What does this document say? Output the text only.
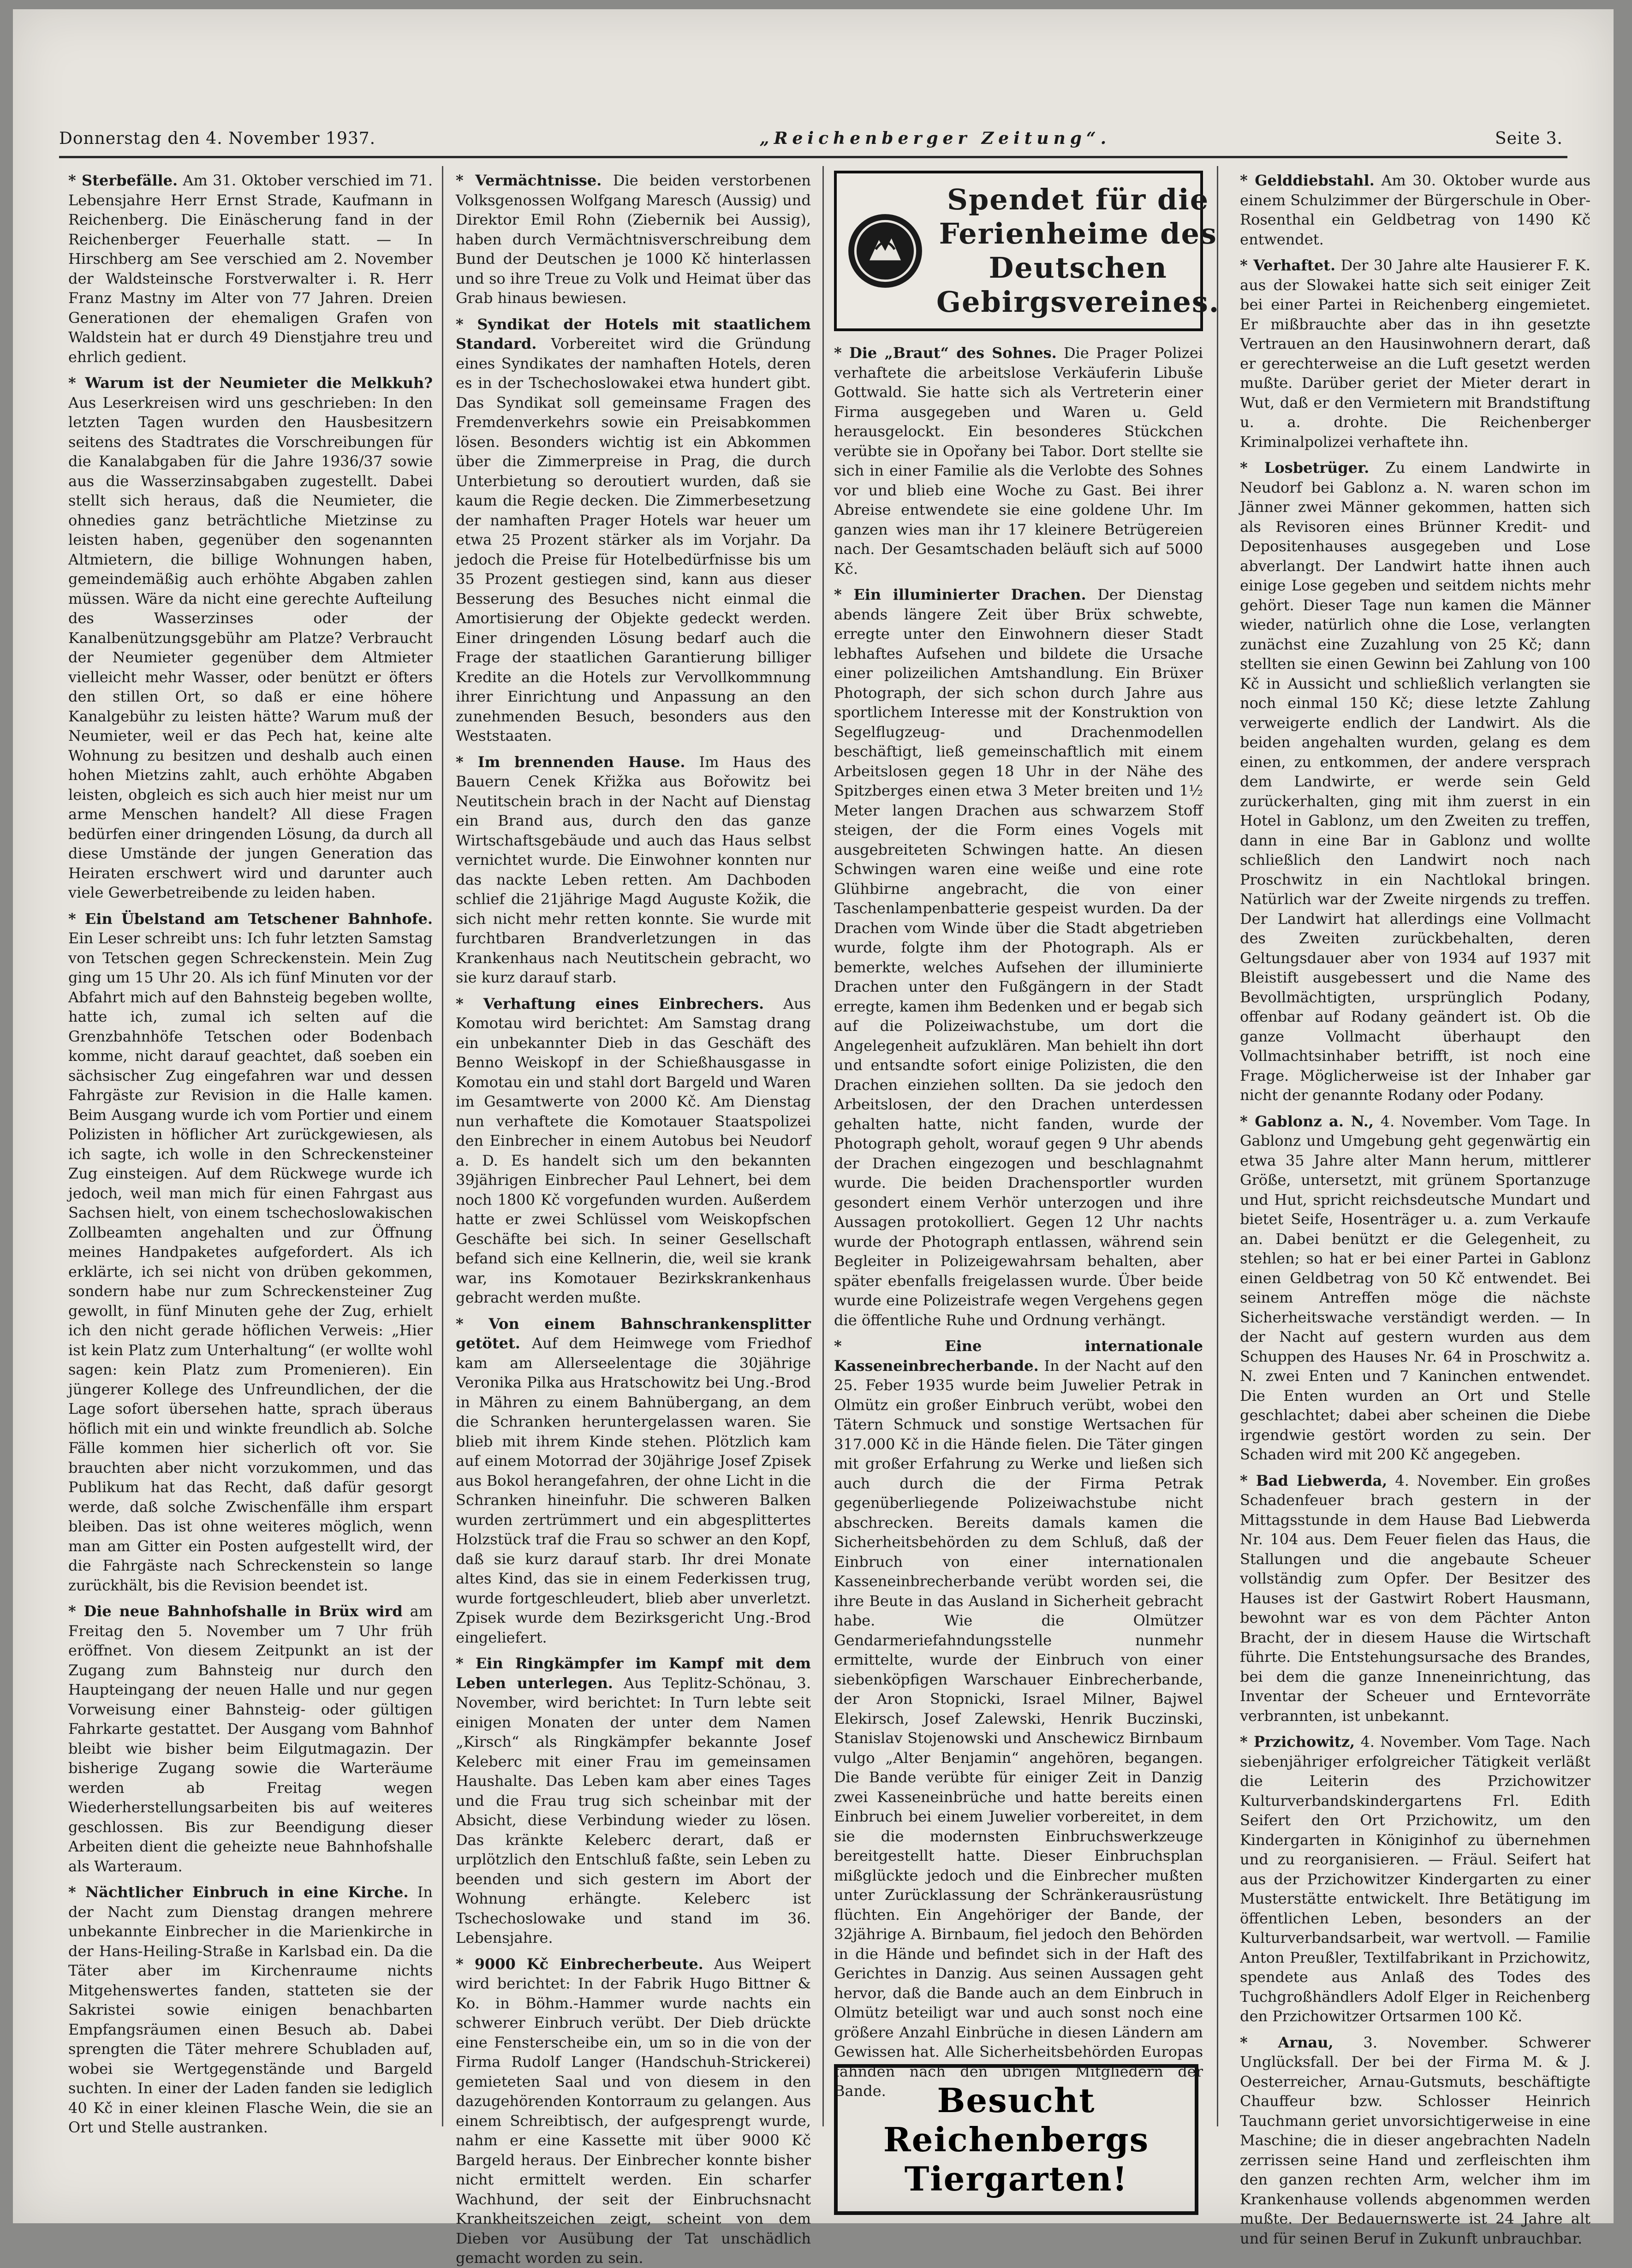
Donnerstag den 4. November 1937.	„Reichenberger Zeitung“.	Seite 3.

* Sterbefälle. Am 31. Oktober verschied im 71. Lebensjahre Herr Ernst Strade, Kaufmann in Reichenberg. Die Einäscherung fand in der Reichenberger Feuerhalle statt. — In Hirschberg am See verschied am 2. November der Waldsteinsche Forstverwalter i. R. Herr Franz Mastny im Alter von 77 Jahren. Dreien Generationen der ehemaligen Grafen von Waldstein hat er durch 49 Dienstjahre treu und ehrlich gedient.

* Warum ist der Neumieter die Melkkuh? Aus Leserkreisen wird uns geschrieben: In den letzten Tagen wurden den Hausbesitzern seitens des Stadtrates die Vorschreibungen für die Kanalabgaben für die Jahre 1936/37 sowie aus die Wasserzinsabgaben zugestellt. Dabei stellt sich heraus, daß die Neumieter, die ohnedies ganz beträchtliche Mietzinse zu leisten haben, gegenüber den sogenannten Altmietern, die billige Wohnungen haben, gemeindemäßig auch erhöhte Abgaben zahlen müssen. Wäre da nicht eine gerechte Aufteilung des Wasserzinses oder der Kanalbenützungsgebühr am Platze? Verbraucht der Neumieter gegenüber dem Altmieter vielleicht mehr Wasser, oder benützt er öfters den stillen Ort, so daß er eine höhere Kanalgebühr zu leisten hätte? Warum muß der Neumieter, weil er das Pech hat, keine alte Wohnung zu besitzen und deshalb auch einen hohen Mietzins zahlt, auch erhöhte Abgaben leisten, obgleich es sich auch hier meist nur um arme Menschen handelt? All diese Fragen bedürfen einer dringenden Lösung, da durch all diese Umstände der jungen Generation das Heiraten erschwert wird und darunter auch viele Gewerbetreibende zu leiden haben.

* Ein Übelstand am Tetschener Bahnhofe. Ein Leser schreibt uns: Ich fuhr letzten Samstag von Tetschen gegen Schreckenstein. Mein Zug ging um 15 Uhr 20. Als ich fünf Minuten vor der Abfahrt mich auf den Bahnsteig begeben wollte, hatte ich, zumal ich selten auf die Grenzbahnhöfe Tetschen oder Bodenbach komme, nicht darauf geachtet, daß soeben ein sächsischer Zug eingefahren war und dessen Fahrgäste zur Revision in die Halle kamen. Beim Ausgang wurde ich vom Portier und einem Polizisten in höflicher Art zurückgewiesen, als ich sagte, ich wolle in den Schreckensteiner Zug einsteigen. Auf dem Rückwege wurde ich jedoch, weil man mich für einen Fahrgast aus Sachsen hielt, von einem tschechoslowakischen Zollbeamten angehalten und zur Öffnung meines Handpaketes aufgefordert. Als ich erklärte, ich sei nicht von drüben gekommen, sondern habe nur zum Schreckensteiner Zug gewollt, in fünf Minuten gehe der Zug, erhielt ich den nicht gerade höflichen Verweis: „Hier ist kein Platz zum Unterhaltung“ (er wollte wohl sagen: kein Platz zum Promenieren). Ein jüngerer Kollege des Unfreundlichen, der die Lage sofort übersehen hatte, sprach überaus höflich mit ein und winkte freundlich ab. Solche Fälle kommen hier sicherlich oft vor. Sie brauchten aber nicht vorzukommen, und das Publikum hat das Recht, daß dafür gesorgt werde, daß solche Zwischenfälle ihm erspart bleiben. Das ist ohne weiteres möglich, wenn man am Gitter ein Posten aufgestellt wird, der die Fahrgäste nach Schreckenstein so lange zurückhält, bis die Revision beendet ist.

* Die neue Bahnhofshalle in Brüx wird am Freitag den 5. November um 7 Uhr früh eröffnet. Von diesem Zeitpunkt an ist der Zugang zum Bahnsteig nur durch den Haupteingang der neuen Halle und nur gegen Vorweisung einer Bahnsteig- oder gültigen Fahrkarte gestattet. Der Ausgang vom Bahnhof bleibt wie bisher beim Eilgutmagazin. Der bisherige Zugang sowie die Warteräume werden ab Freitag wegen Wiederherstellungsarbeiten bis auf weiteres geschlossen. Bis zur Beendigung dieser Arbeiten dient die geheizte neue Bahnhofshalle als Warteraum.

* Nächtlicher Einbruch in eine Kirche. In der Nacht zum Dienstag drangen mehrere unbekannte Einbrecher in die Marienkirche in der Hans-Heiling-Straße in Karlsbad ein. Da die Täter aber im Kirchenraume nichts Mitgehenswertes fanden, statteten sie der Sakristei sowie einigen benachbarten Empfangsräumen einen Besuch ab. Dabei sprengten die Täter mehrere Schubladen auf, wobei sie Wertgegenstände und Bargeld suchten. In einer der Laden fanden sie lediglich 40 Kč in einer kleinen Flasche Wein, die sie an Ort und Stelle austranken.

* Vermächtnisse. Die beiden verstorbenen Volksgenossen Wolfgang Maresch (Aussig) und Direktor Emil Rohn (Ziebernik bei Aussig), haben durch Vermächtnisverschreibung dem Bund der Deutschen je 1000 Kč hinterlassen und so ihre Treue zu Volk und Heimat über das Grab hinaus bewiesen.

* Syndikat der Hotels mit staatlichem Standard. Vorbereitet wird die Gründung eines Syndikates der namhaften Hotels, deren es in der Tschechoslowakei etwa hundert gibt. Das Syndikat soll gemeinsame Fragen des Fremdenverkehrs sowie ein Preisabkommen lösen. Besonders wichtig ist ein Abkommen über die Zimmerpreise in Prag, die durch Unterbietung so deroutiert wurden, daß sie kaum die Regie decken. Die Zimmerbesetzung der namhaften Prager Hotels war heuer um etwa 25 Prozent stärker als im Vorjahr. Da jedoch die Preise für Hotelbedürfnisse bis um 35 Prozent gestiegen sind, kann aus dieser Besserung des Besuches nicht einmal die Amortisierung der Objekte gedeckt werden. Einer dringenden Lösung bedarf auch die Frage der staatlichen Garantierung billiger Kredite an die Hotels zur Vervollkommnung ihrer Einrichtung und Anpassung an den zunehmenden Besuch, besonders aus den Weststaaten.

* Im brennenden Hause. Im Haus des Bauern Cenek Křižka aus Bořowitz bei Neutitschein brach in der Nacht auf Dienstag ein Brand aus, durch den das ganze Wirtschaftsgebäude und auch das Haus selbst vernichtet wurde. Die Einwohner konnten nur das nackte Leben retten. Am Dachboden schlief die 21jährige Magd Auguste Kožik, die sich nicht mehr retten konnte. Sie wurde mit furchtbaren Brandverletzungen in das Krankenhaus nach Neutitschein gebracht, wo sie kurz darauf starb.

* Verhaftung eines Einbrechers. Aus Komotau wird berichtet: Am Samstag drang ein unbekannter Dieb in das Geschäft des Benno Weiskopf in der Schießhausgasse in Komotau ein und stahl dort Bargeld und Waren im Gesamtwerte von 2000 Kč. Am Dienstag nun verhaftete die Komotauer Staatspolizei den Einbrecher in einem Autobus bei Neudorf a. D. Es handelt sich um den bekannten 39jährigen Einbrecher Paul Lehnert, bei dem noch 1800 Kč vorgefunden wurden. Außerdem hatte er zwei Schlüssel vom Weiskopfschen Geschäfte bei sich. In seiner Gesellschaft befand sich eine Kellnerin, die, weil sie krank war, ins Komotauer Bezirkskrankenhaus gebracht werden mußte.

* Von einem Bahnschrankensplitter getötet. Auf dem Heimwege vom Friedhof kam am Allerseelentage die 30jährige Veronika Pilka aus Hratschowitz bei Ung.-Brod in Mähren zu einem Bahnübergang, an dem die Schranken heruntergelassen waren. Sie blieb mit ihrem Kinde stehen. Plötzlich kam auf einem Motorrad der 30jährige Josef Zpisek aus Bokol herangefahren, der ohne Licht in die Schranken hineinfuhr. Die schweren Balken wurden zertrümmert und ein abgesplittertes Holzstück traf die Frau so schwer an den Kopf, daß sie kurz darauf starb. Ihr drei Monate altes Kind, das sie in einem Federkissen trug, wurde fortgeschleudert, blieb aber unverletzt. Zpisek wurde dem Bezirksgericht Ung.-Brod eingeliefert.

* Ein Ringkämpfer im Kampf mit dem Leben unterlegen. Aus Teplitz-Schönau, 3. November, wird berichtet: In Turn lebte seit einigen Monaten der unter dem Namen „Kirsch“ als Ringkämpfer bekannte Josef Keleberc mit einer Frau im gemeinsamen Haushalte. Das Leben kam aber eines Tages und die Frau trug sich scheinbar mit der Absicht, diese Verbindung wieder zu lösen. Das kränkte Keleberc derart, daß er urplötzlich den Entschluß faßte, sein Leben zu beenden und sich gestern im Abort der Wohnung erhängte. Keleberc ist Tschechoslowake und stand im 36. Lebensjahre.

* 9000 Kč Einbrecherbeute. Aus Weipert wird berichtet: In der Fabrik Hugo Bittner & Ko. in Böhm.-Hammer wurde nachts ein schwerer Einbruch verübt. Der Dieb drückte eine Fensterscheibe ein, um so in die von der Firma Rudolf Langer (Handschuh-Strickerei) gemieteten Saal und von diesem in den dazugehörenden Kontorraum zu gelangen. Aus einem Schreibtisch, der aufgesprengt wurde, nahm er eine Kassette mit über 9000 Kč Bargeld heraus. Der Einbrecher konnte bisher nicht ermittelt werden. Ein scharfer Wachhund, der seit der Einbruchsnacht Krankheitszeichen zeigt, scheint von dem Dieben vor Ausübung der Tat unschädlich gemacht worden zu sein.

Spendet für die Ferienheime des Deutschen Gebirgsvereines.

* Die „Braut“ des Sohnes. Die Prager Polizei verhaftete die arbeitslose Verkäuferin Libuše Gottwald. Sie hatte sich als Vertreterin einer Firma ausgegeben und Waren u. Geld herausgelockt. Ein besonderes Stückchen verübte sie in Opořany bei Tabor. Dort stellte sie sich in einer Familie als die Verlobte des Sohnes vor und blieb eine Woche zu Gast. Bei ihrer Abreise entwendete sie eine goldene Uhr. Im ganzen wies man ihr 17 kleinere Betrügereien nach. Der Gesamtschaden beläuft sich auf 5000 Kč.

* Ein illuminierter Drachen. Der Dienstag abends längere Zeit über Brüx schwebte, erregte unter den Einwohnern dieser Stadt lebhaftes Aufsehen und bildete die Ursache einer polizeilichen Amtshandlung. Ein Brüxer Photograph, der sich schon durch Jahre aus sportlichem Interesse mit der Konstruktion von Segelflugzeug- und Drachenmodellen beschäftigt, ließ gemeinschaftlich mit einem Arbeitslosen gegen 18 Uhr in der Nähe des Spitzberges einen etwa 3 Meter breiten und 1½ Meter langen Drachen aus schwarzem Stoff steigen, der die Form eines Vogels mit ausgebreiteten Schwingen hatte. An diesen Schwingen waren eine weiße und eine rote Glühbirne angebracht, die von einer Taschenlampenbatterie gespeist wurden. Da der Drachen vom Winde über die Stadt abgetrieben wurde, folgte ihm der Photograph. Als er bemerkte, welches Aufsehen der illuminierte Drachen unter den Fußgängern in der Stadt erregte, kamen ihm Bedenken und er begab sich auf die Polizeiwachstube, um dort die Angelegenheit aufzuklären. Man behielt ihn dort und entsandte sofort einige Polizisten, die den Drachen einziehen sollten. Da sie jedoch den Arbeitslosen, der den Drachen unterdessen gehalten hatte, nicht fanden, wurde der Photograph geholt, worauf gegen 9 Uhr abends der Drachen eingezogen und beschlagnahmt wurde. Die beiden Drachensportler wurden gesondert einem Verhör unterzogen und ihre Aussagen protokolliert. Gegen 12 Uhr nachts wurde der Photograph entlassen, während sein Begleiter in Polizeigewahrsam behalten, aber später ebenfalls freigelassen wurde. Über beide wurde eine Polizeistrafe wegen Vergehens gegen die öffentliche Ruhe und Ordnung verhängt.

* Eine internationale Kasseneinbrecherbande. In der Nacht auf den 25. Feber 1935 wurde beim Juwelier Petrak in Olmütz ein großer Einbruch verübt, wobei den Tätern Schmuck und sonstige Wertsachen für 317.000 Kč in die Hände fielen. Die Täter gingen mit großer Erfahrung zu Werke und ließen sich auch durch die der Firma Petrak gegenüberliegende Polizeiwachstube nicht abschrecken. Bereits damals kamen die Sicherheitsbehörden zu dem Schluß, daß der Einbruch von einer internationalen Kasseneinbrecherbande verübt worden sei, die ihre Beute in das Ausland in Sicherheit gebracht habe. Wie die Olmützer Gendarmeriefahndungsstelle nunmehr ermittelte, wurde der Einbruch von einer siebenköpfigen Warschauer Einbrecherbande, der Aron Stopnicki, Israel Milner, Bajwel Elekirsch, Josef Zalewski, Henrik Buczinski, Stanislav Stojenowski und Anschewicz Birnbaum vulgo „Alter Benjamin“ angehören, begangen. Die Bande verübte für einiger Zeit in Danzig zwei Kasseneinbrüche und hatte bereits einen Einbruch bei einem Juwelier vorbereitet, in dem sie die modernsten Einbruchswerkzeuge bereitgestellt hatte. Dieser Einbruchsplan mißglückte jedoch und die Einbrecher mußten unter Zurücklassung der Schränkerausrüstung flüchten. Ein Angehöriger der Bande, der 32jährige A. Birnbaum, fiel jedoch den Behörden in die Hände und befindet sich in der Haft des Gerichtes in Danzig. Aus seinen Aussagen geht hervor, daß die Bande auch an dem Einbruch in Olmütz beteiligt war und auch sonst noch eine größere Anzahl Einbrüche in diesen Ländern am Gewissen hat. Alle Sicherheitsbehörden Europas fahnden nach den übrigen Mitgliedern der Bande.	Besucht Reichenbergs Tiergarten!

* Gelddiebstahl. Am 30. Oktober wurde aus einem Schulzimmer der Bürgerschule in Ober-Rosenthal ein Geldbetrag von 1490 Kč entwendet.

* Verhaftet. Der 30 Jahre alte Hausierer F. K. aus der Slowakei hatte sich seit einiger Zeit bei einer Partei in Reichenberg eingemietet. Er mißbrauchte aber das in ihn gesetzte Vertrauen an den Hausinwohnern derart, daß er gerechterweise an die Luft gesetzt werden mußte. Darüber geriet der Mieter derart in Wut, daß er den Vermietern mit Brandstiftung u. a. drohte. Die Reichenberger Kriminalpolizei verhaftete ihn.

* Losbetrüger. Zu einem Landwirte in Neudorf bei Gablonz a. N. waren schon im Jänner zwei Männer gekommen, hatten sich als Revisoren eines Brünner Kredit- und Depositenhauses ausgegeben und Lose abverlangt. Der Landwirt hatte ihnen auch einige Lose gegeben und seitdem nichts mehr gehört. Dieser Tage nun kamen die Männer wieder, natürlich ohne die Lose, verlangten zunächst eine Zuzahlung von 25 Kč; dann stellten sie einen Gewinn bei Zahlung von 100 Kč in Aussicht und schließlich verlangten sie noch einmal 150 Kč; diese letzte Zahlung verweigerte endlich der Landwirt. Als die beiden angehalten wurden, gelang es dem einen, zu entkommen, der andere versprach dem Landwirte, er werde sein Geld zurückerhalten, ging mit ihm zuerst in ein Hotel in Gablonz, um den Zweiten zu treffen, dann in eine Bar in Gablonz und wollte schließlich den Landwirt noch nach Proschwitz in ein Nachtlokal bringen. Natürlich war der Zweite nirgends zu treffen. Der Landwirt hat allerdings eine Vollmacht des Zweiten zurückbehalten, deren Geltungsdauer aber von 1934 auf 1937 mit Bleistift ausgebessert und die Name des Bevollmächtigten, ursprünglich Podany, offenbar auf Rodany geändert ist. Ob die ganze Vollmacht überhaupt den Vollmachtsinhaber betrifft, ist noch eine Frage. Möglicherweise ist der Inhaber gar nicht der genannte Rodany oder Podany.

* Gablonz a. N., 4. November. Vom Tage. In Gablonz und Umgebung geht gegenwärtig ein etwa 35 Jahre alter Mann herum, mittlerer Größe, untersetzt, mit grünem Sportanzuge und Hut, spricht reichsdeutsche Mundart und bietet Seife, Hosenträger u. a. zum Verkaufe an. Dabei benützt er die Gelegenheit, zu stehlen; so hat er bei einer Partei in Gablonz einen Geldbetrag von 50 Kč entwendet. Bei seinem Antreffen möge die nächste Sicherheitswache verständigt werden. — In der Nacht auf gestern wurden aus dem Schuppen des Hauses Nr. 64 in Proschwitz a. N. zwei Enten und 7 Kaninchen entwendet. Die Enten wurden an Ort und Stelle geschlachtet; dabei aber scheinen die Diebe irgendwie gestört worden zu sein. Der Schaden wird mit 200 Kč angegeben.

* Bad Liebwerda, 4. November. Ein großes Schadenfeuer brach gestern in der Mittagsstunde in dem Hause Bad Liebwerda Nr. 104 aus. Dem Feuer fielen das Haus, die Stallungen und die angebaute Scheuer vollständig zum Opfer. Der Besitzer des Hauses ist der Gastwirt Robert Hausmann, bewohnt war es von dem Pächter Anton Bracht, der in diesem Hause die Wirtschaft führte. Die Entstehungsursache des Brandes, bei dem die ganze Inneneinrichtung, das Inventar der Scheuer und Erntevorräte verbrannten, ist unbekannt.

* Przichowitz, 4. November. Vom Tage. Nach siebenjähriger erfolgreicher Tätigkeit verläßt die Leiterin des Przichowitzer Kulturverbandskindergartens Frl. Edith Seifert den Ort Przichowitz, um den Kindergarten in Königinhof zu übernehmen und zu reorganisieren. — Fräul. Seifert hat aus der Przichowitzer Kindergarten zu einer Musterstätte entwickelt. Ihre Betätigung im öffentlichen Leben, besonders an der Kulturverbandsarbeit, war wertvoll. — Familie Anton Preußler, Textilfabrikant in Przichowitz, spendete aus Anlaß des Todes des Tuchgroßhändlers Adolf Elger in Reichenberg den Przichowitzer Ortsarmen 100 Kč.

* Arnau, 3. November. Schwerer Unglücksfall. Der bei der Firma M. & J. Oesterreicher, Arnau-Gutsmuts, beschäftigte Chauffeur bzw. Schlosser Heinrich Tauchmann geriet unvorsichtigerweise in eine Maschine; die in dieser angebrachten Nadeln zerrissen seine Hand und zerfleischten ihm den ganzen rechten Arm, welcher ihm im Krankenhause vollends abgenommen werden mußte. Der Bedauernswerte ist 24 Jahre alt und für seinen Beruf in Zukunft unbrauchbar.
